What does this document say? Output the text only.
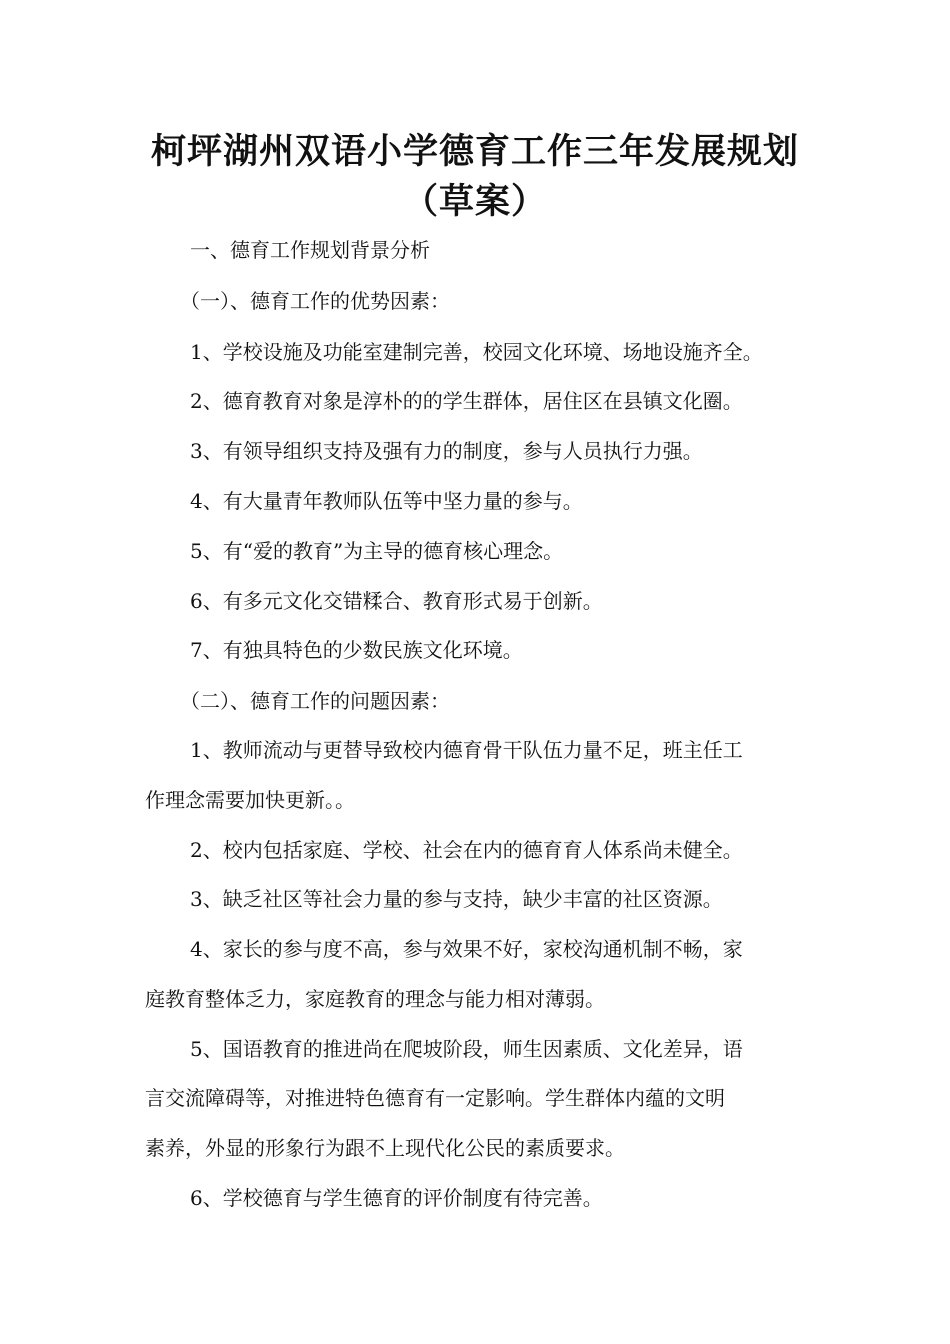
柯坪湖州双语小学德育工作三年发展规划
（草案）

一、德育工作规划背景分析

（一）、德育工作的优势因素：

1、学校设施及功能室建制完善，校园文化环境、场地设施齐全。

2、德育教育对象是淳朴的的学生群体，居住区在县镇文化圈。

3、有领导组织支持及强有力的制度，参与人员执行力强。

4、有大量青年教师队伍等中坚力量的参与。

5、有“爱的教育”为主导的德育核心理念。

6、有多元文化交错糅合、教育形式易于创新。

7、有独具特色的少数民族文化环境。

（二）、德育工作的问题因素：

1、教师流动与更替导致校内德育骨干队伍力量不足，班主任工

作理念需要加快更新。。

2、校内包括家庭、学校、社会在内的德育育人体系尚未健全。

3、缺乏社区等社会力量的参与支持，缺少丰富的社区资源。

4、家长的参与度不高，参与效果不好，家校沟通机制不畅，家

庭教育整体乏力，家庭教育的理念与能力相对薄弱。

5、国语教育的推进尚在爬坡阶段，师生因素质、文化差异，语

言交流障碍等，对推进特色德育有一定影响。学生群体内蕴的文明

素养，外显的形象行为跟不上现代化公民的素质要求。

6、学校德育与学生德育的评价制度有待完善。
